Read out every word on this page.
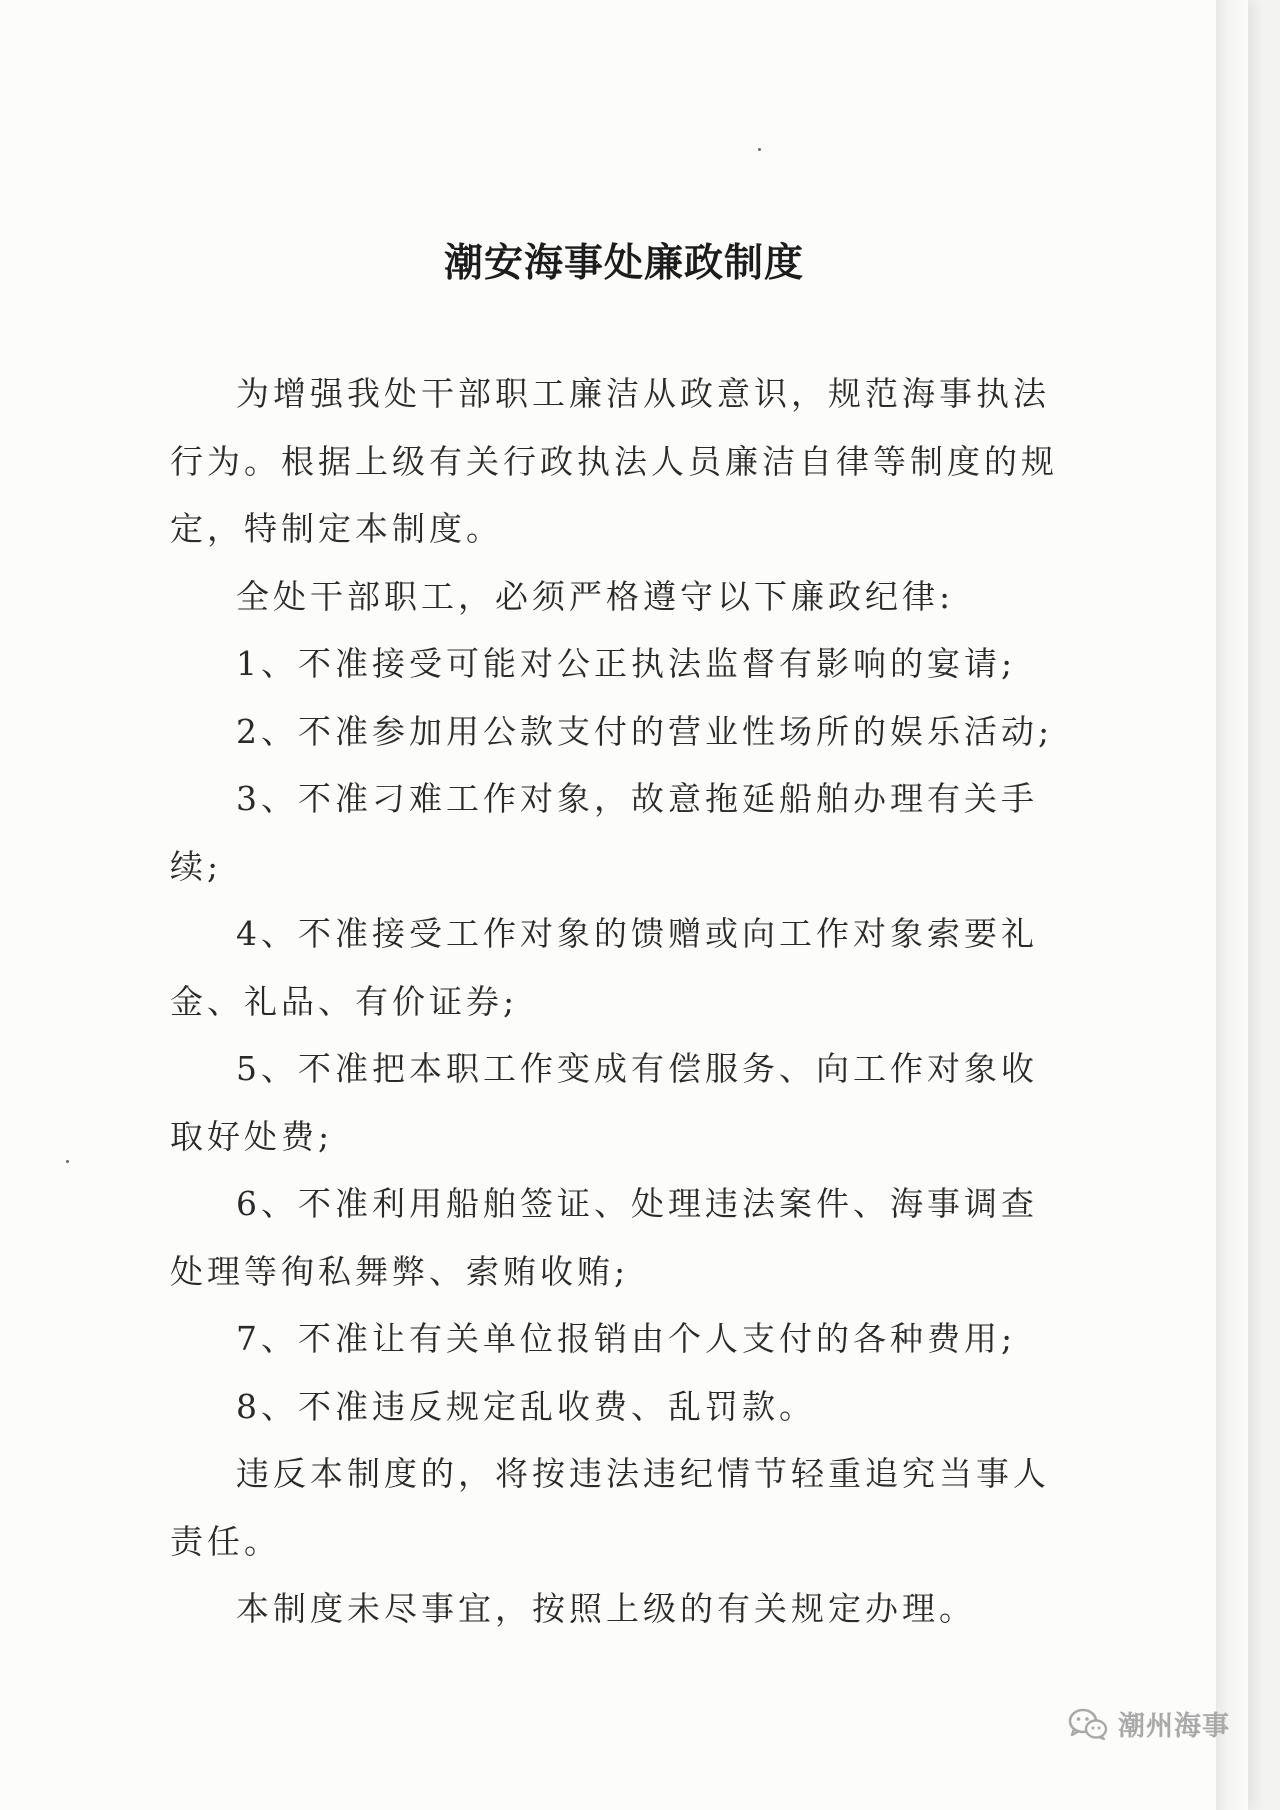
潮安海事处廉政制度

为增强我处干部职工廉洁从政意识，规范海事执法行为。根据上级有关行政执法人员廉洁自律等制度的规定，特制定本制度。

全处干部职工，必须严格遵守以下廉政纪律:

1、不准接受可能对公正执法监督有影响的宴请;

2、不准参加用公款支付的营业性场所的娱乐活动;

3、不准刁难工作对象，故意拖延船舶办理有关手续;

4、不准接受工作对象的馈赠或向工作对象索要礼金、礼品、有价证券;

5、不准把本职工作变成有偿服务、向工作对象收取好处费;

6、不准利用船舶签证、处理违法案件、海事调查处理等徇私舞弊、索贿收贿;

7、不准让有关单位报销由个人支付的各种费用;

8、不准违反规定乱收费、乱罚款。

违反本制度的，将按违法违纪情节轻重追究当事人责任。

本制度未尽事宜，按照上级的有关规定办理。

潮州海事
